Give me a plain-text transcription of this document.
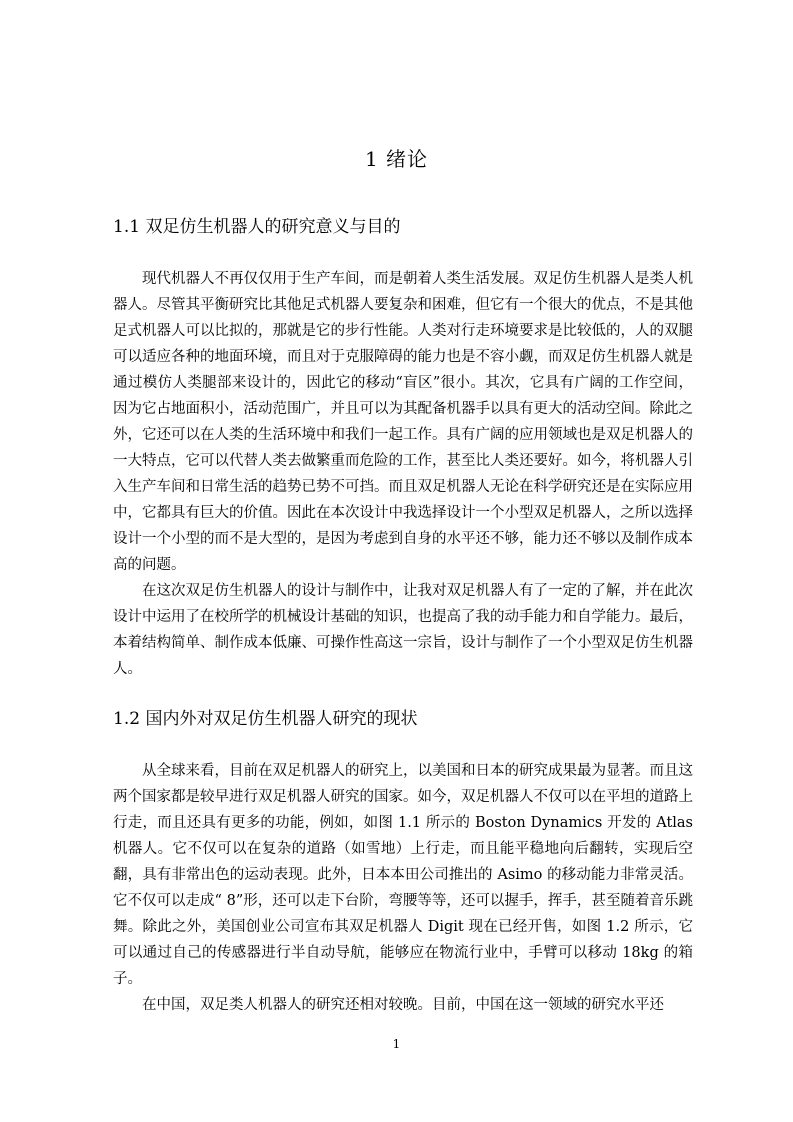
1 绪论
1.1 双足仿生机器人的研究意义与目的

现代机器人不再仅仅用于生产车间，而是朝着人类生活发展。双足仿生机器人是类人机器人。尽管其平衡研究比其他足式机器人要复杂和困难，但它有一个很大的优点，不是其他足式机器人可以比拟的，那就是它的步行性能。人类对行走环境要求是比较低的，人的双腿可以适应各种的地面环境，而且对于克服障碍的能力也是不容小觑，而双足仿生机器人就是通过模仿人类腿部来设计的，因此它的移动“盲区”很小。其次，它具有广阔的工作空间，因为它占地面积小，活动范围广，并且可以为其配备机器手以具有更大的活动空间。除此之外，它还可以在人类的生活环境中和我们一起工作。具有广阔的应用领域也是双足机器人的一大特点，它可以代替人类去做繁重而危险的工作，甚至比人类还要好。如今，将机器人引入生产车间和日常生活的趋势已势不可挡。而且双足机器人无论在科学研究还是在实际应用中，它都具有巨大的价值。因此在本次设计中我选择设计一个小型双足机器人，之所以选择设计一个小型的而不是大型的，是因为考虑到自身的水平还不够，能力还不够以及制作成本高的问题。

在这次双足仿生机器人的设计与制作中，让我对双足机器人有了一定的了解，并在此次设计中运用了在校所学的机械设计基础的知识，也提高了我的动手能力和自学能力。最后，本着结构简单、制作成本低廉、可操作性高这一宗旨，设计与制作了一个小型双足仿生机器人。

1.2 国内外对双足仿生机器人研究的现状

从全球来看，目前在双足机器人的研究上，以美国和日本的研究成果最为显著。而且这两个国家都是较早进行双足机器人研究的国家。如今，双足机器人不仅可以在平坦的道路上行走，而且还具有更多的功能，例如，如图 1.1 所示的 Boston Dynamics 开发的 Atlas 机器人。它不仅可以在复杂的道路（如雪地）上行走，而且能平稳地向后翻转，实现后空翻，具有非常出色的运动表现。此外，日本本田公司推出的 Asimo 的移动能力非常灵活。它不仅可以走成“ 8”形，还可以走下台阶，弯腰等等，还可以握手，挥手，甚至随着音乐跳舞。除此之外，美国创业公司宣布其双足机器人 Digit 现在已经开售，如图 1.2 所示，它可以通过自己的传感器进行半自动导航，能够应在物流行业中，手臂可以移动 18kg 的箱子。

在中国，双足类人机器人的研究还相对较晚。目前，中国在这一领域的研究水平还

1
